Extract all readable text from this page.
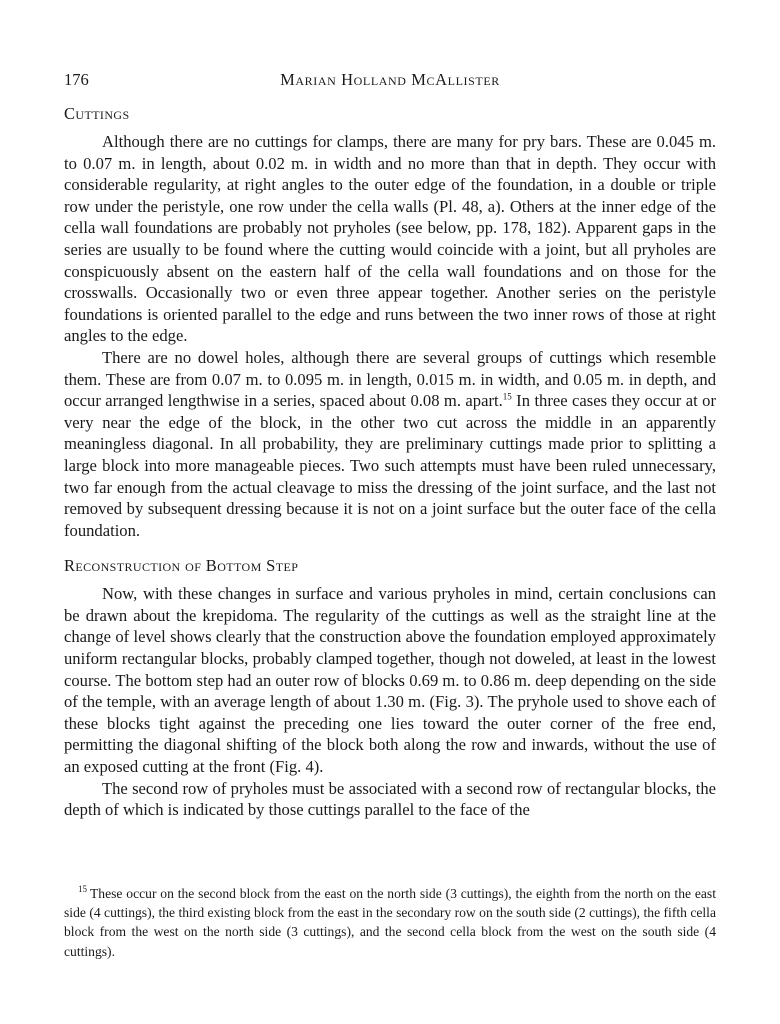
176	Marian Holland McAllister
Cuttings

Although there are no cuttings for clamps, there are many for pry bars. These are 0.045 m. to 0.07 m. in length, about 0.02 m. in width and no more than that in depth. They occur with considerable regularity, at right angles to the outer edge of the foundation, in a double or triple row under the peristyle, one row under the cella walls (Pl. 48, a). Others at the inner edge of the cella wall foundations are probably not pryholes (see below, pp. 178, 182). Apparent gaps in the series are usually to be found where the cutting would coincide with a joint, but all pryholes are conspicuously absent on the eastern half of the cella wall foundations and on those for the crosswalls. Occasionally two or even three appear together. Another series on the peristyle foundations is oriented parallel to the edge and runs between the two inner rows of those at right angles to the edge.

There are no dowel holes, although there are several groups of cuttings which resemble them. These are from 0.07 m. to 0.095 m. in length, 0.015 m. in width, and 0.05 m. in depth, and occur arranged lengthwise in a series, spaced about 0.08 m. apart.$^{15}$ In three cases they occur at or very near the edge of the block, in the other two cut across the middle in an apparently meaningless diagonal. In all probability, they are preliminary cuttings made prior to splitting a large block into more manageable pieces. Two such attempts must have been ruled unnecessary, two far enough from the actual cleavage to miss the dressing of the joint surface, and the last not removed by subsequent dressing because it is not on a joint surface but the outer face of the cella foundation.

Reconstruction of Bottom Step

Now, with these changes in surface and various pryholes in mind, certain conclusions can be drawn about the krepidoma. The regularity of the cuttings as well as the straight line at the change of level shows clearly that the construction above the foundation employed approximately uniform rectangular blocks, probably clamped together, though not doweled, at least in the lowest course. The bottom step had an outer row of blocks 0.69 m. to 0.86 m. deep depending on the side of the temple, with an average length of about 1.30 m. (Fig. 3). The pryhole used to shove each of these blocks tight against the preceding one lies toward the outer corner of the free end, permitting the diagonal shifting of the block both along the row and inwards, without the use of an exposed cutting at the front (Fig. 4).

The second row of pryholes must be associated with a second row of rectangular blocks, the depth of which is indicated by those cuttings parallel to the face of the

$^{15}$ These occur on the second block from the east on the north side (3 cuttings), the eighth from the north on the east side (4 cuttings), the third existing block from the east in the secondary row on the south side (2 cuttings), the fifth cella block from the west on the north side (3 cuttings), and the second cella block from the west on the south side (4 cuttings).
